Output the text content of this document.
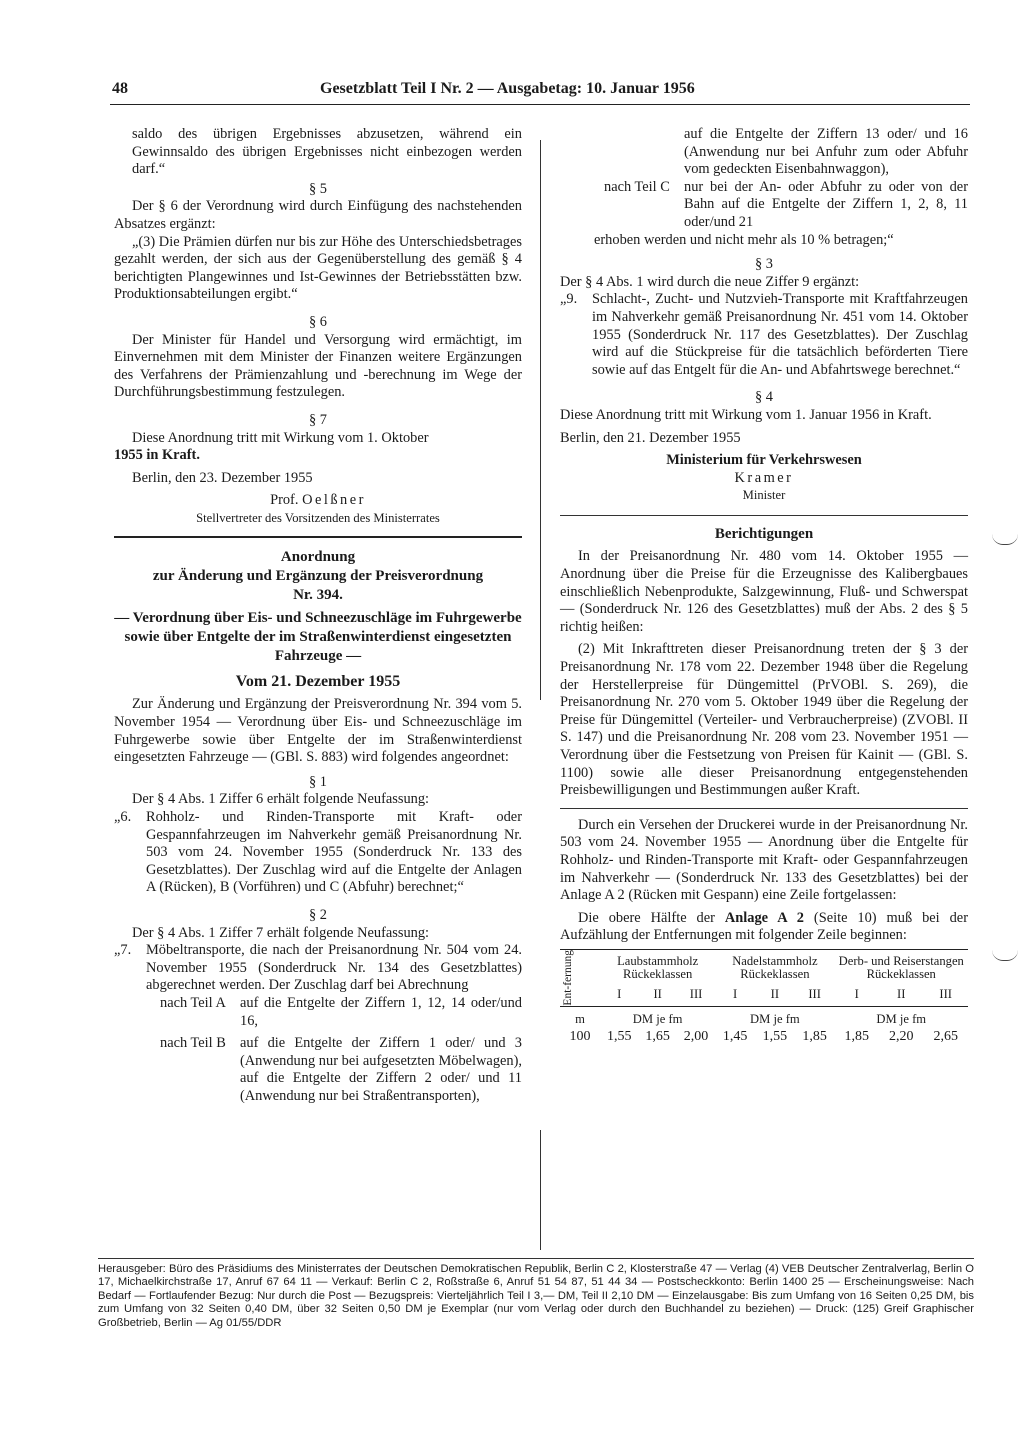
48	Gesetzblatt Teil I Nr. 2 — Ausgabetag: 10. Januar 1956

saldo des übrigen Ergebnisses abzusetzen, während ein Gewinnsaldo des übrigen Ergebnisses nicht einbezogen werden darf.“

§ 5

Der § 6 der Verordnung wird durch Einfügung des nachstehenden Absatzes ergänzt:

„(3) Die Prämien dürfen nur bis zur Höhe des Unterschiedsbetrages gezahlt werden, der sich aus der Gegenüberstellung des gemäß § 4 berichtigten Plangewinnes und Ist-Gewinnes der Betriebsstätten bzw. Produktionsabteilungen ergibt.“

§ 6

Der Minister für Handel und Versorgung wird ermächtigt, im Einvernehmen mit dem Minister der Finanzen weitere Ergänzungen des Verfahrens der Prämienzahlung und -berechnung im Wege der Durchführungsbestimmung festzulegen.

§ 7

Diese Anordnung tritt mit Wirkung vom 1. Oktober
1955 in Kraft.

Berlin, den 23. Dezember 1955

Prof. Oelßner
Stellvertreter des Vorsitzenden des Ministerrates
Anordnung
zur Änderung und Ergänzung der Preisverordnung
Nr. 394.
— Verordnung über Eis- und Schneezuschläge im Fuhrgewerbe sowie über Entgelte der im Straßenwinterdienst eingesetzten Fahrzeuge —
Vom 21. Dezember 1955

Zur Änderung und Ergänzung der Preisverordnung Nr. 394 vom 5. November 1954 — Verordnung über Eis- und Schneezuschläge im Fuhrgewerbe sowie über Entgelte der im Straßenwinterdienst eingesetzten Fahrzeuge — (GBl. S. 883) wird folgendes angeordnet:

§ 1

Der § 4 Abs. 1 Ziffer 6 erhält folgende Neufassung:

„6.	Rohholz- und Rinden-Transporte mit Kraft- oder Gespannfahrzeugen im Nahverkehr gemäß Preisanordnung Nr. 503 vom 24. November 1955 (Sonderdruck Nr. 133 des Gesetzblattes). Der Zuschlag wird auf die Entgelte der Anlagen A (Rücken), B (Vorführen) und C (Abfuhr) berechnet;“
§ 2

Der § 4 Abs. 1 Ziffer 7 erhält folgende Neufassung:

„7.	Möbeltransporte, die nach der Preisanordnung Nr. 504 vom 24. November 1955 (Sonderdruck Nr. 134 des Gesetzblattes) abgerechnet werden. Der Zuschlag darf bei Abrechnung
nach Teil A auf die Entgelte der Ziffern 1, 12, 14 oder/und 16,
nach Teil B auf die Entgelte der Ziffern 1 oder/ und 3 (Anwendung nur bei aufgesetzten Möbelwagen), auf die Entgelte der Ziffern 2 oder/ und 11 (Anwendung nur bei Straßentransporten),
auf die Entgelte der Ziffern 13 oder/ und 16 (Anwendung nur bei Anfuhr zum oder Abfuhr vom gedeckten Eisenbahnwaggon),
nach Teil C nur bei der An- oder Abfuhr zu oder von der Bahn auf die Entgelte der Ziffern 1, 2, 8, 11 oder/und 21

erhoben werden und nicht mehr als 10 % betragen;“

§ 3

Der § 4 Abs. 1 wird durch die neue Ziffer 9 ergänzt:

„9.	Schlacht-, Zucht- und Nutzvieh-Transporte mit Kraftfahrzeugen im Nahverkehr gemäß Preisanordnung Nr. 451 vom 14. Oktober 1955 (Sonderdruck Nr. 117 des Gesetzblattes). Der Zuschlag wird auf die Stückpreise für die tatsächlich beförderten Tiere sowie auf das Entgelt für die An- und Abfahrtswege berechnet.“
§ 4

Diese Anordnung tritt mit Wirkung vom 1. Januar 1956 in Kraft.

Berlin, den 21. Dezember 1955

Ministerium für Verkehrswesen
Kramer
Minister
Berichtigungen

In der Preisanordnung Nr. 480 vom 14. Oktober 1955 — Anordnung über die Preise für die Erzeugnisse des Kalibergbaues einschließlich Nebenprodukte, Salzgewinnung, Fluß- und Schwerspat — (Sonderdruck Nr. 126 des Gesetzblattes) muß der Abs. 2 des § 5 richtig heißen:

(2) Mit Inkrafttreten dieser Preisanordnung treten der § 3 der Preisanordnung Nr. 178 vom 22. Dezember 1948 über die Regelung der Herstellerpreise für Düngemittel (PrVOBl. S. 269), die Preisanordnung Nr. 270 vom 5. Oktober 1949 über die Regelung der Preise für Düngemittel (Verteiler- und Verbraucherpreise) (ZVOBl. II S. 147) und die Preisanordnung Nr. 208 vom 23. November 1951 — Verordnung über die Festsetzung von Preisen für Kainit — (GBl. S. 1100) sowie alle dieser Preisanordnung entgegenstehenden Preisbewilligungen und Bestimmungen außer Kraft.

Durch ein Versehen der Druckerei wurde in der Preisanordnung Nr. 503 vom 24. November 1955 — Anordnung über die Entgelte für Rohholz- und Rinden-Transporte mit Kraft- oder Gespannfahrzeugen im Nahverkehr — (Sonderdruck Nr. 133 des Gesetzblattes) bei der Anlage A 2 (Rücken mit Gespann) eine Zeile fortgelassen:

Die obere Hälfte der Anlage A 2 (Seite 10) muß bei der Aufzählung der Entfernungen mit folgender Zeile beginnen:

Ent-fernung	Laubstammholz Rückeklassen			Nadelstammholz Rückeklassen			Derb- und Reiserstangen Rückeklassen		
	I	II	III	I	II	III	I	II	III
m	DM je fm			DM je fm			DM je fm		
100	1,55	1,65	2,00	1,45	1,55	1,85	1,85	2,20	2,65
Herausgeber: Büro des Präsidiums des Ministerrates der Deutschen Demokratischen Republik, Berlin C 2, Klosterstraße 47 — Verlag (4) VEB Deutscher Zentralverlag, Berlin O 17, Michaelkirchstraße 17, Anruf 67 64 11 — Verkauf: Berlin C 2, Roßstraße 6, Anruf 51 54 87, 51 44 34 — Postscheckkonto: Berlin 1400 25 — Erscheinungsweise: Nach Bedarf — Fortlaufender Bezug: Nur durch die Post — Bezugspreis: Vierteljährlich Teil I 3,— DM, Teil II 2,10 DM — Einzelausgabe: Bis zum Umfang von 16 Seiten 0,25 DM, bis zum Umfang von 32 Seiten 0,40 DM, über 32 Seiten 0,50 DM je Exemplar (nur vom Verlag oder durch den Buchhandel zu beziehen) — Druck: (125) Greif Graphischer Großbetrieb, Berlin — Ag 01/55/DDR
